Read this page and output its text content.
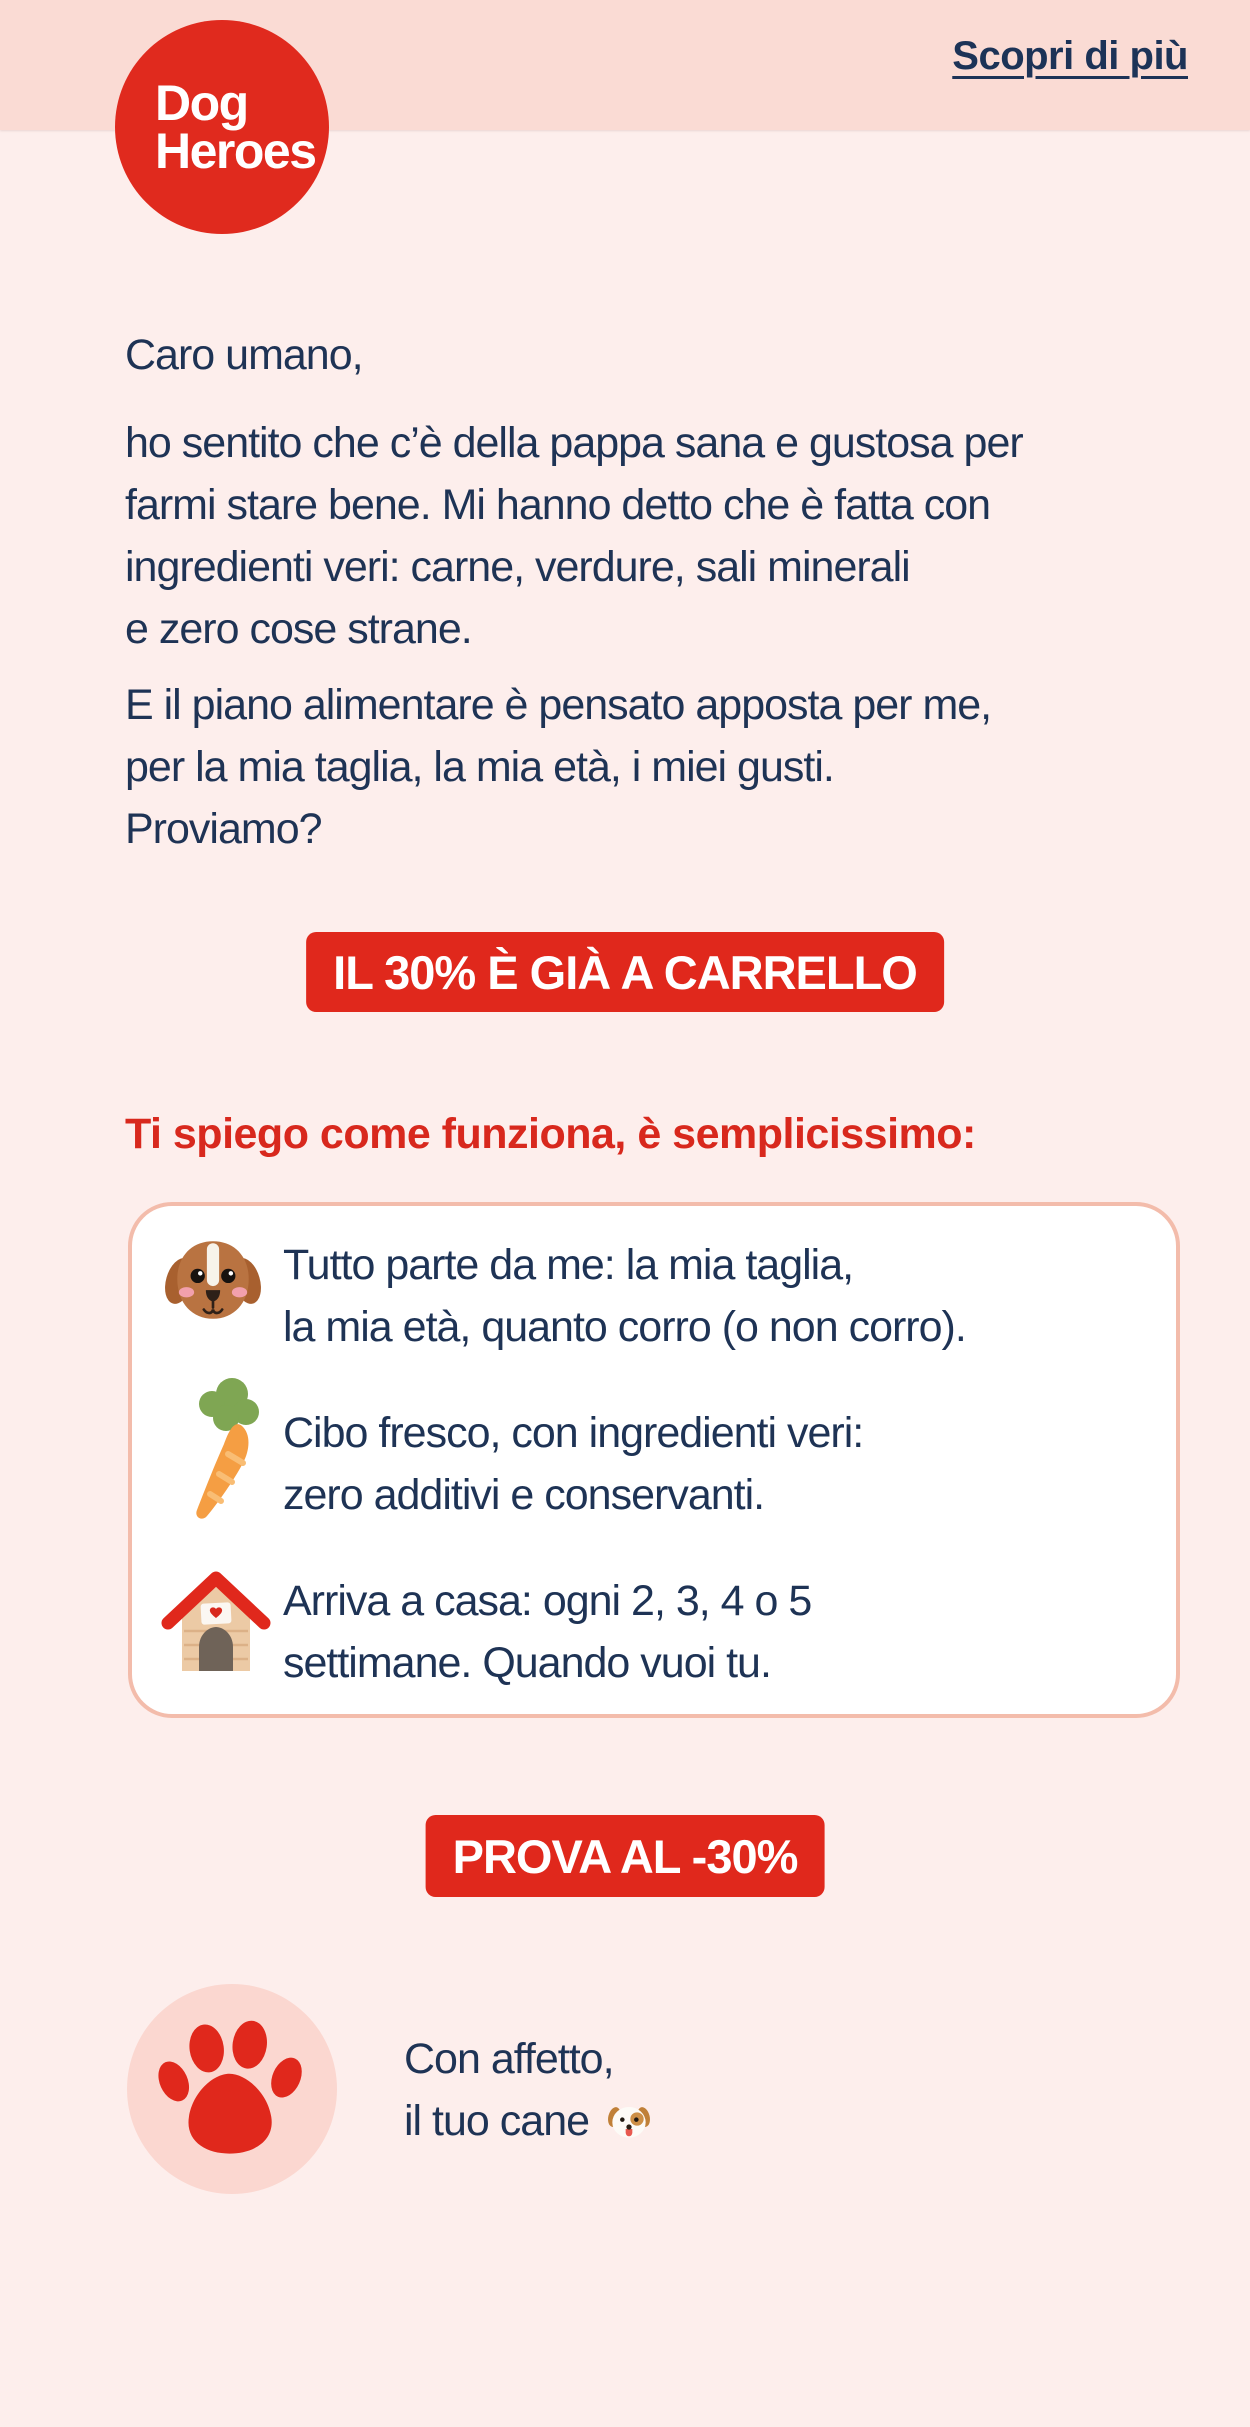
Scopri di più
Dog
Heroes
Caro umano,
ho sentito che c’è della pappa sana e gustosa per
farmi stare bene. Mi hanno detto che è fatta con
ingredienti veri: carne, verdure, sali minerali
e zero cose strane.
E il piano alimentare è pensato apposta per me,
per la mia taglia, la mia età, i miei gusti.
Proviamo?
IL 30% È GIÀ A CARRELLO
Ti spiego come funziona, è semplicissimo:
Tutto parte da me: la mia taglia,
la mia età, quanto corro (o non corro).
Cibo fresco, con ingredienti veri:
zero additivi e conservanti.
Arriva a casa: ogni 2, 3, 4 o 5
settimane. Quando vuoi tu.
PROVA AL -30%
Con affetto,
il tuo cane
